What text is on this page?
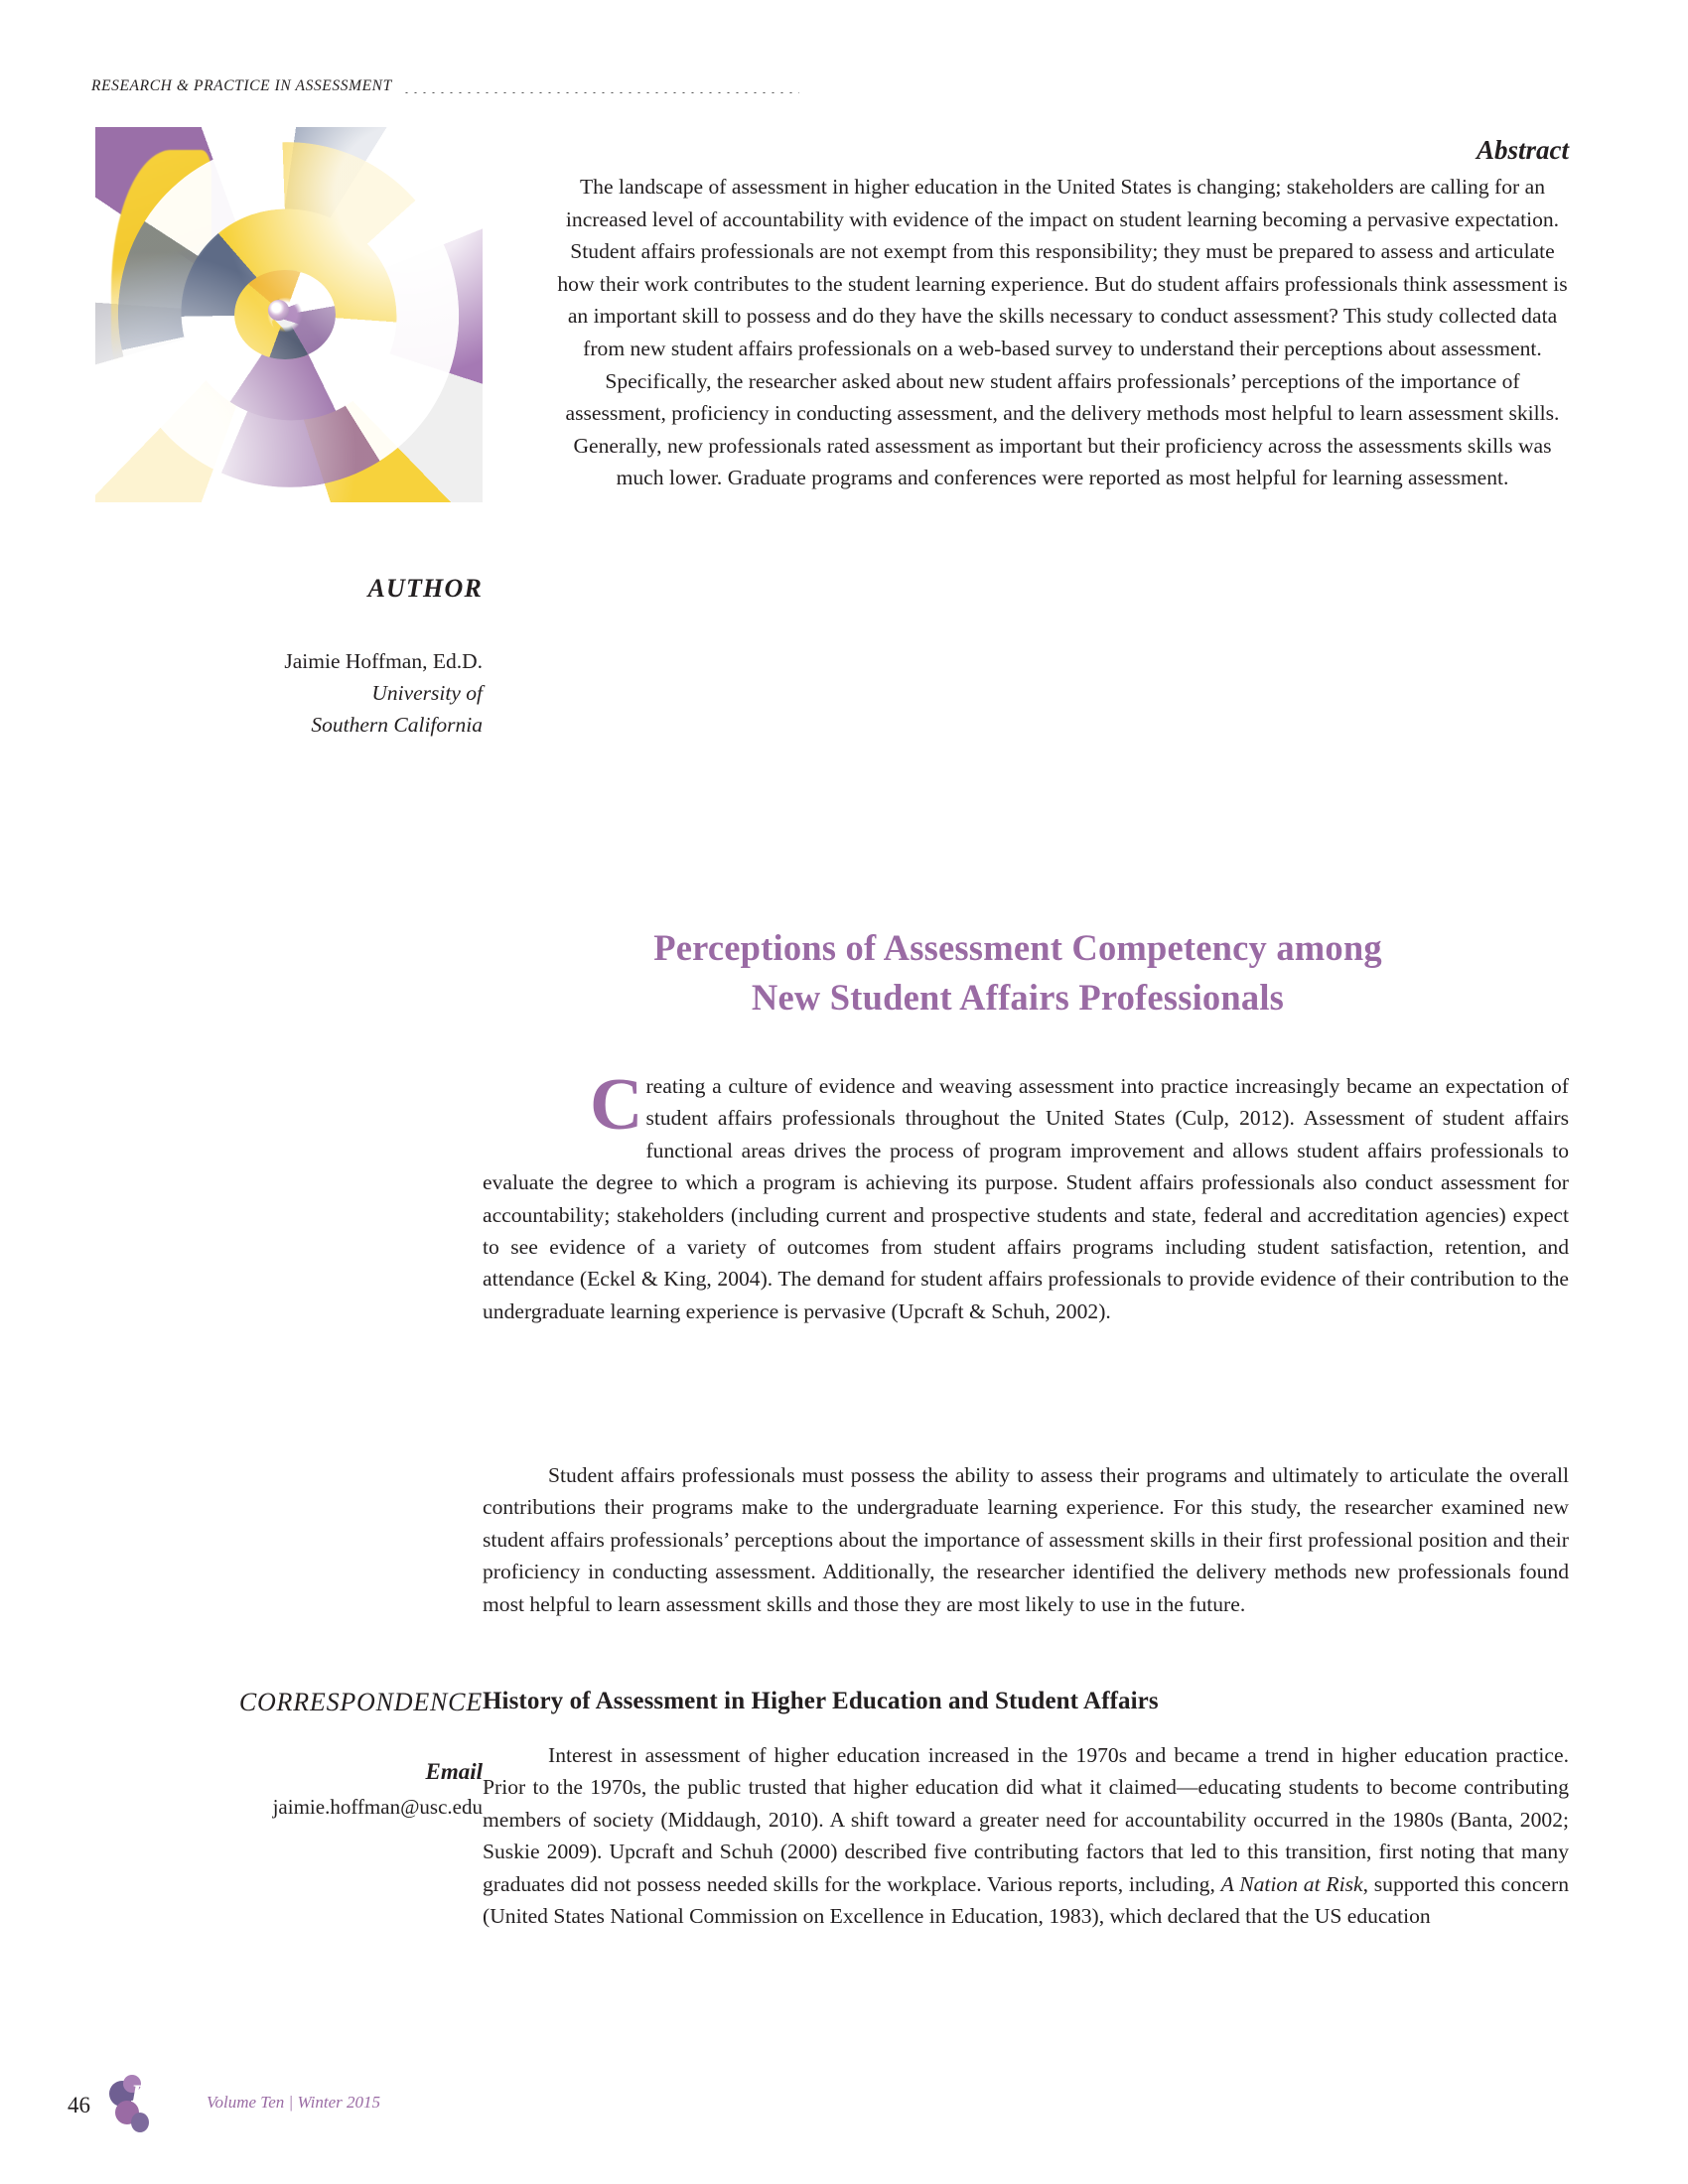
RESEARCH & PRACTICE IN ASSESSMENT
Abstract
The landscape of assessment in higher education in the United States is changing; stakeholders are calling for an increased level of accountability with evidence of the impact on student learning becoming a pervasive expectation. Student affairs professionals are not exempt from this responsibility; they must be prepared to assess and articulate how their work contributes to the student learning experience. But do student affairs professionals think assessment is an important skill to possess and do they have the skills necessary to conduct assessment? This study collected data from new student affairs professionals on a web-based survey to understand their perceptions about assessment. Specifically, the researcher asked about new student affairs professionals’ perceptions of the importance of assessment, proficiency in conducting assessment, and the delivery methods most helpful to learn assessment skills. Generally, new professionals rated assessment as important but their proficiency across the assessments skills was much lower. Graduate programs and conferences were reported as most helpful for learning assessment.
AUTHOR
Jaimie Hoffman, Ed.D.
University of
Southern California
Perceptions of Assessment Competency among
New Student Affairs Professionals

Creating a culture of evidence and weaving assessment into practice increasingly became an expectation of student affairs professionals throughout the United States (Culp, 2012). Assessment of student affairs functional areas drives the process of program improvement and allows student affairs professionals to evaluate the degree to which a program is achieving its purpose. Student affairs professionals also conduct assessment for accountability; stakeholders (including current and prospective students and state, federal and accreditation agencies) expect to see evidence of a variety of outcomes from student affairs programs including student satisfaction, retention, and attendance (Eckel & King, 2004). The demand for student affairs professionals to provide evidence of their contribution to the undergraduate learning experience is pervasive (Upcraft & Schuh, 2002).

Student affairs professionals must possess the ability to assess their programs and ultimately to articulate the overall contributions their programs make to the undergraduate learning experience. For this study, the researcher examined new student affairs professionals’ perceptions about the importance of assessment skills in their first professional position and their proficiency in conducting assessment. Additionally, the researcher identified the delivery methods new professionals found most helpful to learn assessment skills and those they are most likely to use in the future.

CORRESPONDENCE
Email
jaimie.hoffman@usc.edu
History of Assessment in Higher Education and Student Affairs

Interest in assessment of higher education increased in the 1970s and became a trend in higher education practice. Prior to the 1970s, the public trusted that higher education did what it claimed—educating students to become contributing members of society (Middaugh, 2010). A shift toward a greater need for accountability occurred in the 1980s (Banta, 2002; Suskie 2009). Upcraft and Schuh (2000) described five contributing factors that led to this transition, first noting that many graduates did not possess needed skills for the workplace. Various reports, including, A Nation at Risk, supported this concern (United States National Commission on Excellence in Education, 1983), which declared that the US education

46 RPA Volume Ten | Winter 2015
